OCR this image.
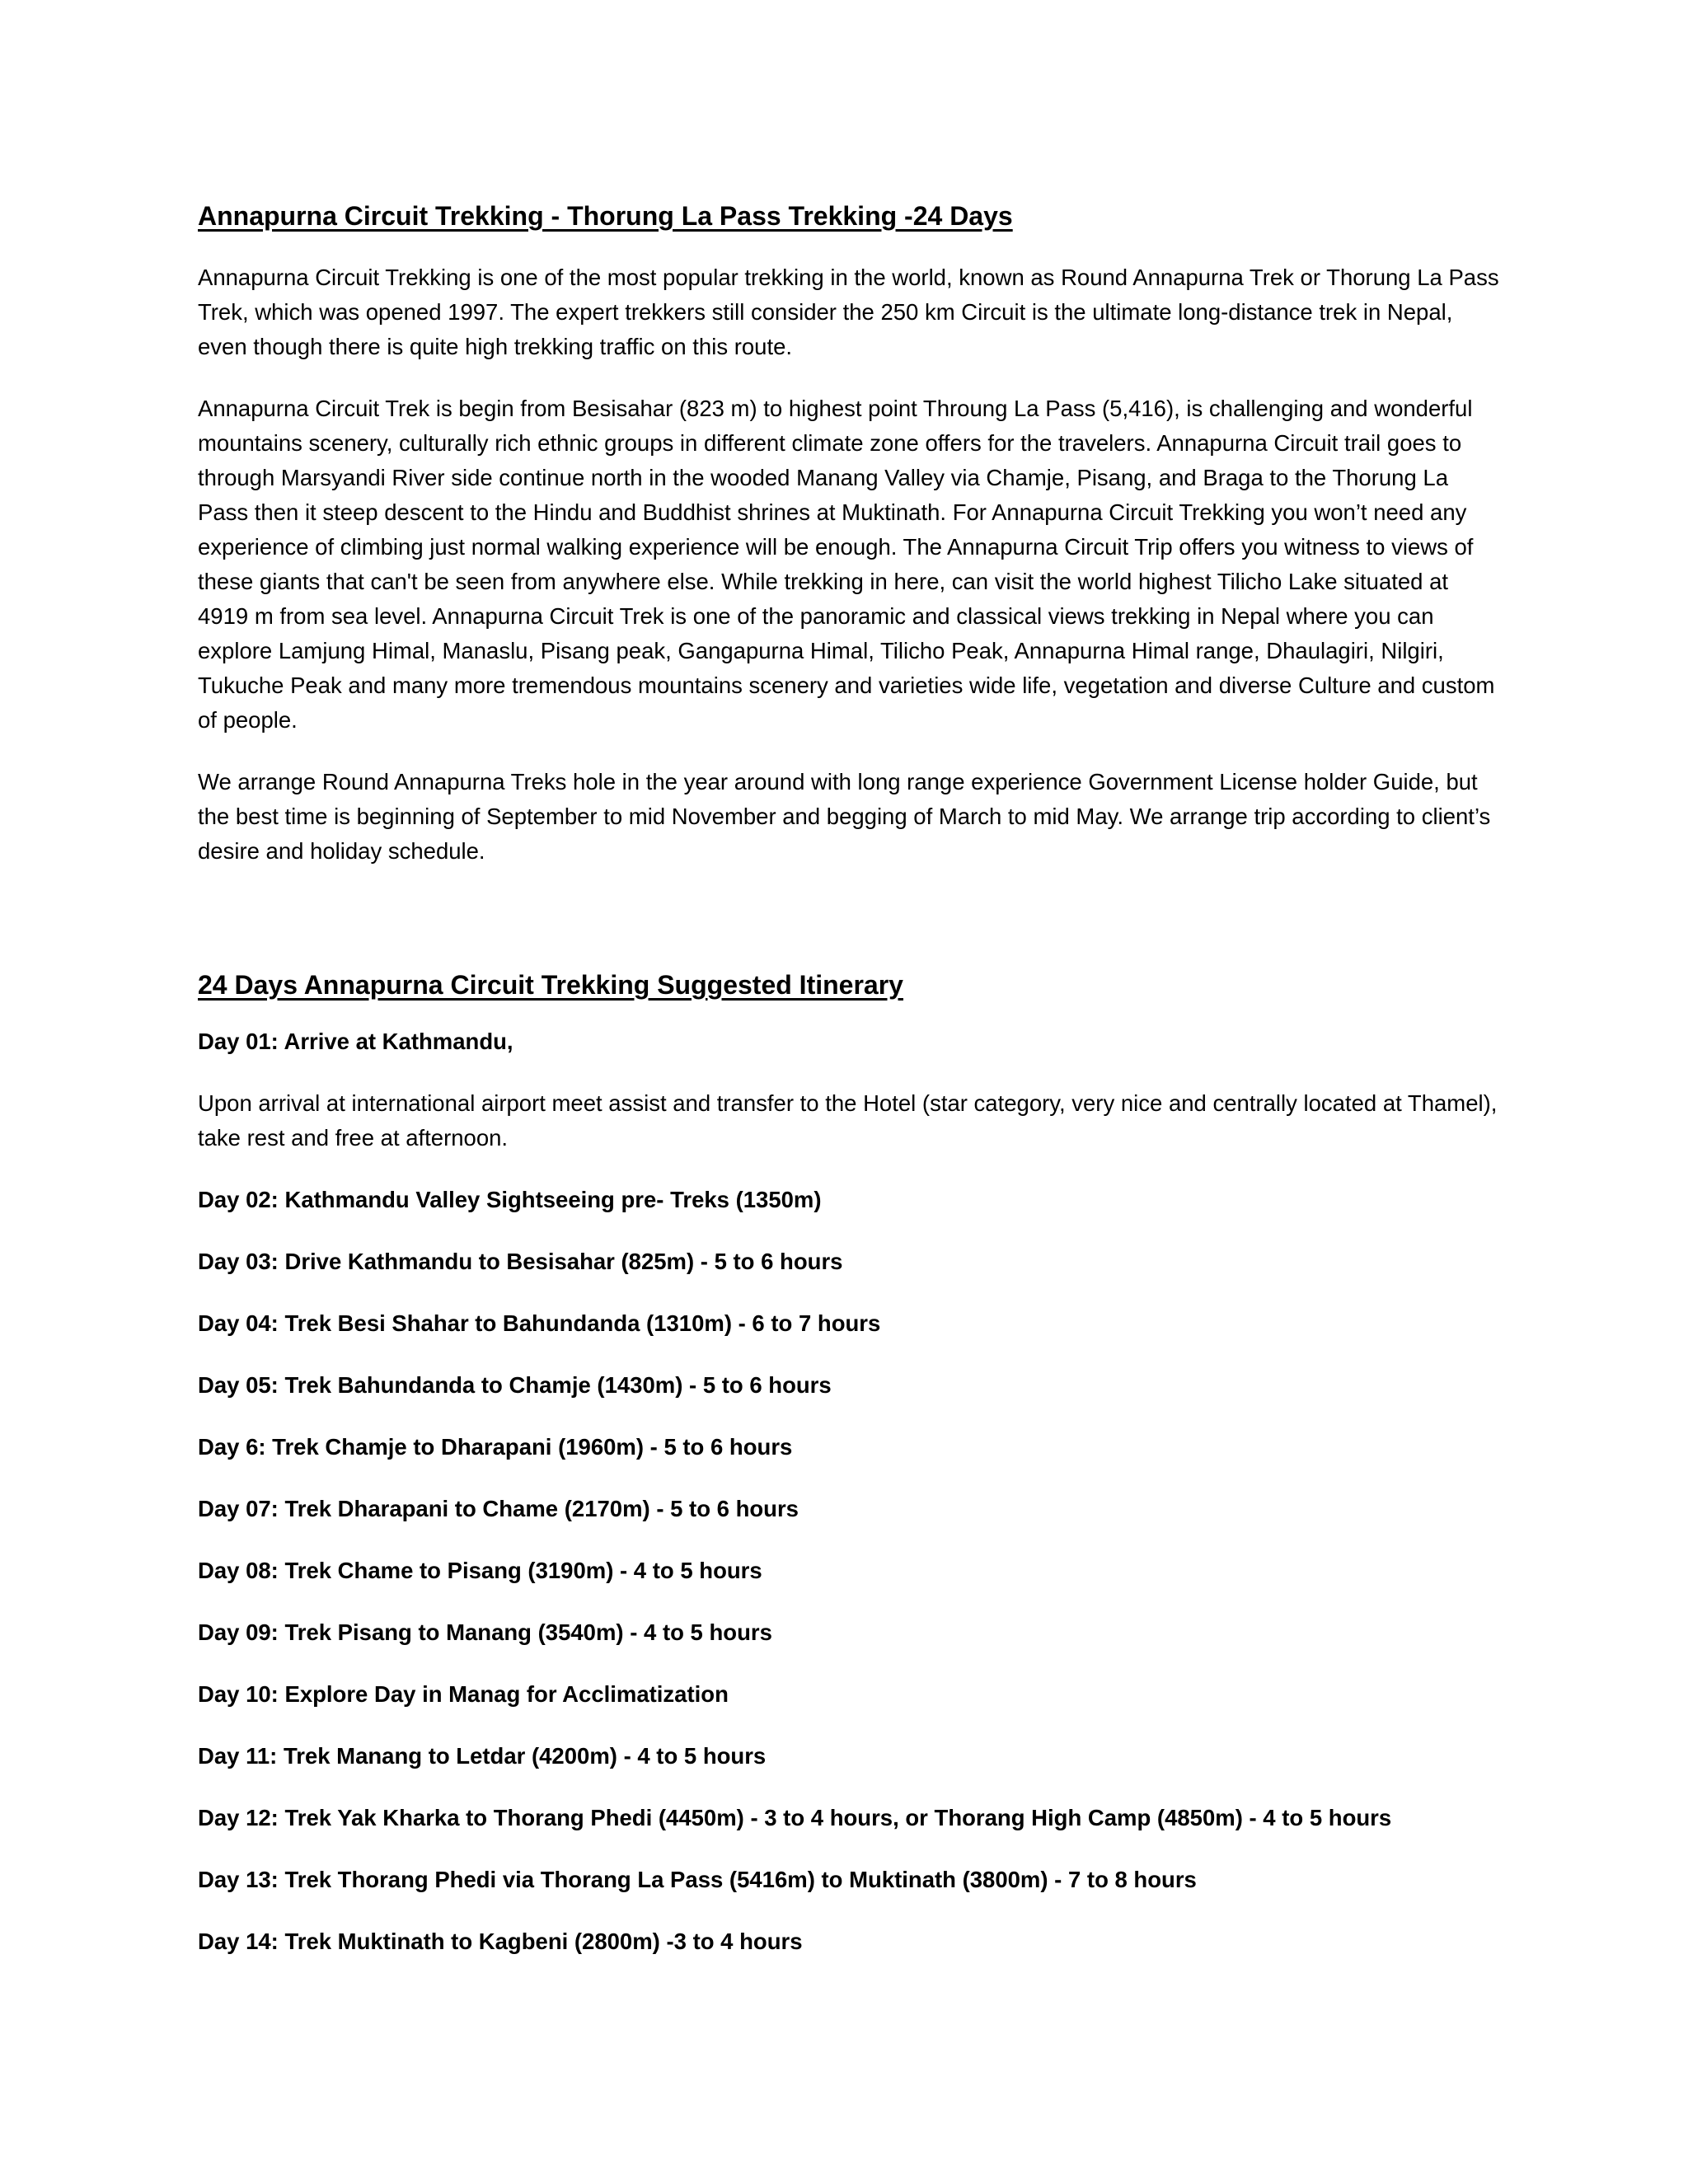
Annapurna Circuit Trekking - Thorung La Pass Trekking -24 Days

Annapurna Circuit Trekking is one of the most popular trekking in the world, known as Round Annapurna Trek or Thorung La Pass Trek, which was opened 1997. The expert trekkers still consider the 250 km Circuit is the ultimate long-distance trek in Nepal, even though there is quite high trekking traffic on this route.

Annapurna Circuit Trek is begin from Besisahar (823 m) to highest point Throung La Pass (5,416), is challenging and wonderful mountains scenery, culturally rich ethnic groups in different climate zone offers for the travelers. Annapurna Circuit trail goes to through Marsyandi River side continue north in the wooded Manang Valley via Chamje, Pisang, and Braga to the Thorung La Pass then it steep descent to the Hindu and Buddhist shrines at Muktinath. For Annapurna Circuit Trekking you won’t need any experience of climbing just normal walking experience will be enough. The Annapurna Circuit Trip offers you witness to views of these giants that can't be seen from anywhere else. While trekking in here, can visit the world highest Tilicho Lake situated at 4919 m from sea level. Annapurna Circuit Trek is one of the panoramic and classical views trekking in Nepal where you can explore Lamjung Himal, Manaslu, Pisang peak, Gangapurna Himal, Tilicho Peak, Annapurna Himal range, Dhaulagiri, Nilgiri, Tukuche Peak and many more tremendous mountains scenery and varieties wide life, vegetation and diverse Culture and custom of people.

We arrange Round Annapurna Treks hole in the year around with long range experience Government License holder Guide, but the best time is beginning of September to mid November and begging of March to mid May. We arrange trip according to client’s desire and holiday schedule.

24 Days Annapurna Circuit Trekking Suggested Itinerary
Day 01: Arrive at Kathmandu,
Upon arrival at international airport meet assist and transfer to the Hotel (star category, very nice and centrally located at Thamel), take rest and free at afternoon.
Day 02: Kathmandu Valley Sightseeing pre- Treks (1350m)
Day 03: Drive Kathmandu to Besisahar (825m) - 5 to 6 hours
Day 04: Trek Besi Shahar to Bahundanda (1310m) - 6 to 7 hours
Day 05: Trek Bahundanda to Chamje (1430m) - 5 to 6 hours
Day 6: Trek Chamje to Dharapani (1960m) - 5 to 6 hours
Day 07: Trek Dharapani to Chame (2170m) - 5 to 6 hours
Day 08: Trek Chame to Pisang (3190m) - 4 to 5 hours
Day 09: Trek Pisang to Manang (3540m) - 4 to 5 hours
Day 10: Explore Day in Manag for Acclimatization
Day 11: Trek Manang to Letdar (4200m) - 4 to 5 hours
Day 12: Trek Yak Kharka to Thorang Phedi (4450m) - 3 to 4 hours, or Thorang High Camp (4850m) - 4 to 5 hours
Day 13: Trek Thorang Phedi via Thorang La Pass (5416m) to Muktinath (3800m) - 7 to 8 hours
Day 14: Trek Muktinath to Kagbeni (2800m) -3 to 4 hours
